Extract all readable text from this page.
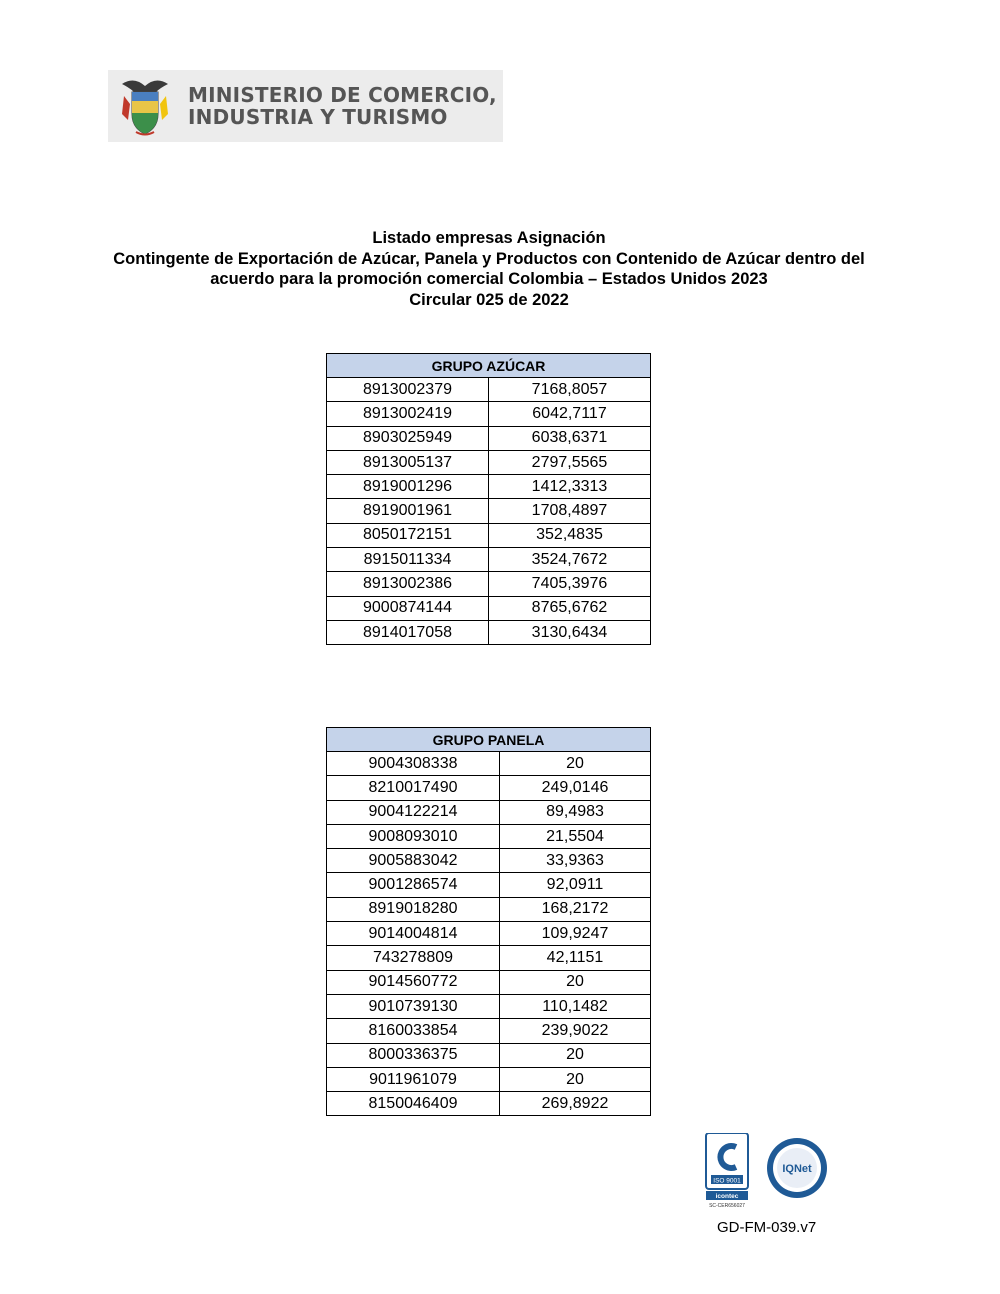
MINISTERIO DE COMERCIO,
INDUSTRIA Y TURISMO
Listado empresas Asignación
Contingente de Exportación de Azúcar, Panela y Productos con Contenido de Azúcar dentro del
acuerdo para la promoción comercial Colombia – Estados Unidos 2023
Circular 025 de 2022
GRUPO AZÚCAR	
8913002379	7168,8057
8913002419	6042,7117
8903025949	6038,6371
8913005137	2797,5565
8919001296	1412,3313
8919001961	1708,4897
8050172151	352,4835
8915011334	3524,7672
8913002386	7405,3976
9000874144	8765,6762
8914017058	3130,6434
GRUPO PANELA	
9004308338	20
8210017490	249,0146
9004122214	89,4983
9008093010	21,5504
9005883042	33,9363
9001286574	92,0911
8919018280	168,2172
9014004814	109,9247
743278809	42,1151
9014560772	20
9010739130	110,1482
8160033854	239,9022
8000336375	20
9011961079	20
8150046409	269,8922
ISO 9001
icontec
SC-CER656027
IQNet
GD-FM-039.v7
